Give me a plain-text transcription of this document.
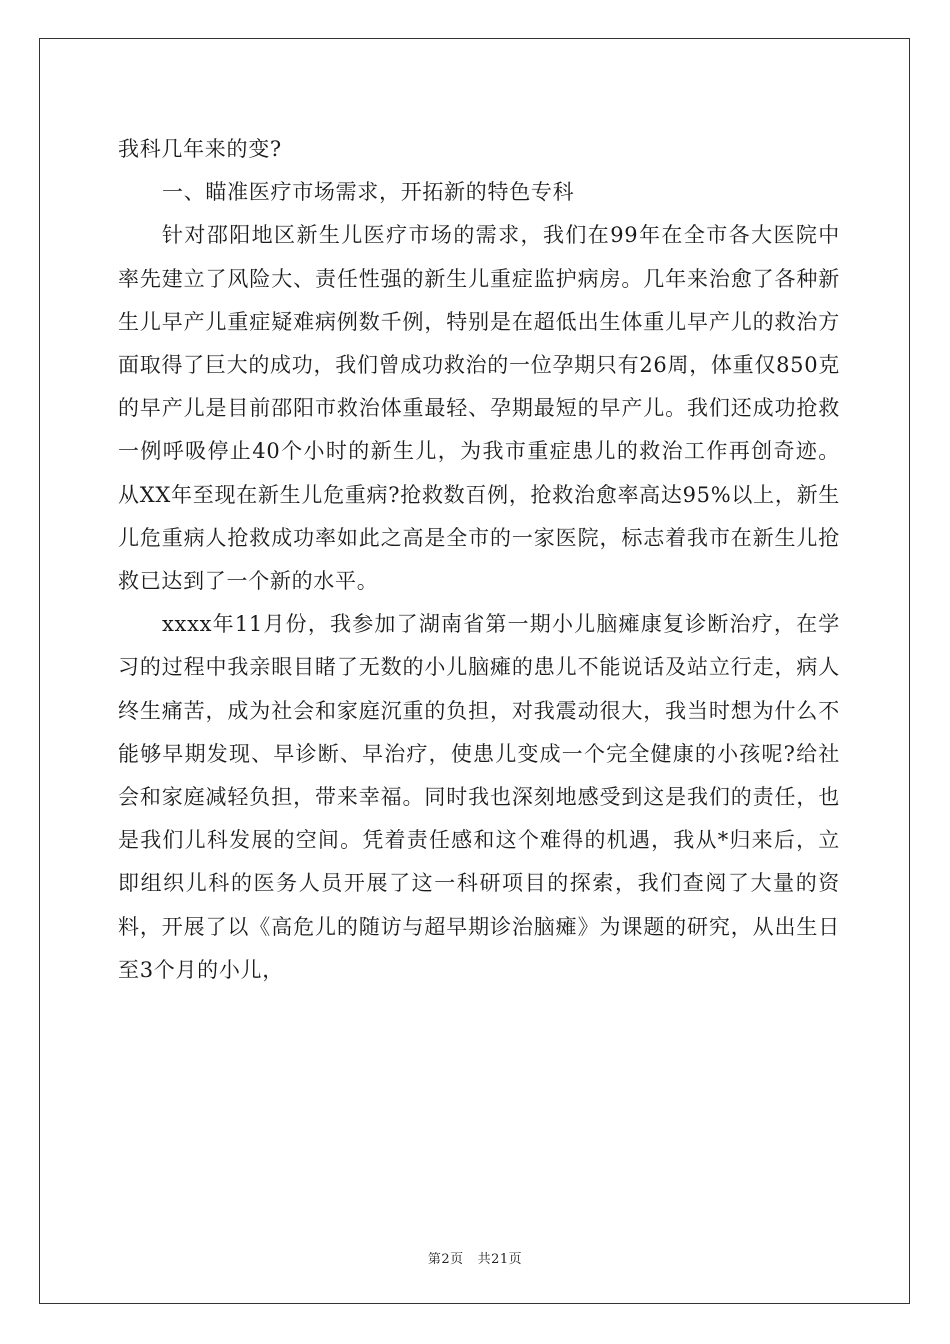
我科几年来的变?

一、瞄准医疗市场需求，开拓新的特色专科

针对邵阳地区新生儿医疗市场的需求，我们在99年在全市各大医院中率先建立了风险大、责任性强的新生儿重症监护病房。几年来治愈了各种新生儿早产儿重症疑难病例数千例，特别是在超低出生体重儿早产儿的救治方面取得了巨大的成功，我们曾成功救治的一位孕期只有26周，体重仅850克的早产儿是目前邵阳市救治体重最轻、孕期最短的早产儿。我们还成功抢救一例呼吸停止40个小时的新生儿，为我市重症患儿的救治工作再创奇迹。从XX年至现在新生儿危重病?抢救数百例，抢救治愈率高达95%以上，新生儿危重病人抢救成功率如此之高是全市的一家医院，标志着我市在新生儿抢救已达到了一个新的水平。

xxxx年11月份，我参加了湖南省第一期小儿脑瘫康复诊断治疗，在学习的过程中我亲眼目睹了无数的小儿脑瘫的患儿不能说话及站立行走，病人终生痛苦，成为社会和家庭沉重的负担，对我震动很大，我当时想为什么不能够早期发现、早诊断、早治疗，使患儿变成一个完全健康的小孩呢?给社会和家庭减轻负担，带来幸福。同时我也深刻地感受到这是我们的责任，也是我们儿科发展的空间。凭着责任感和这个难得的机遇，我从*归来后，立即组织儿科的医务人员开展了这一科研项目的探索，我们查阅了大量的资料，开展了以《高危儿的随访与超早期诊治脑瘫》为课题的研究，从出生日至3个月的小儿，

第2页 共21页
